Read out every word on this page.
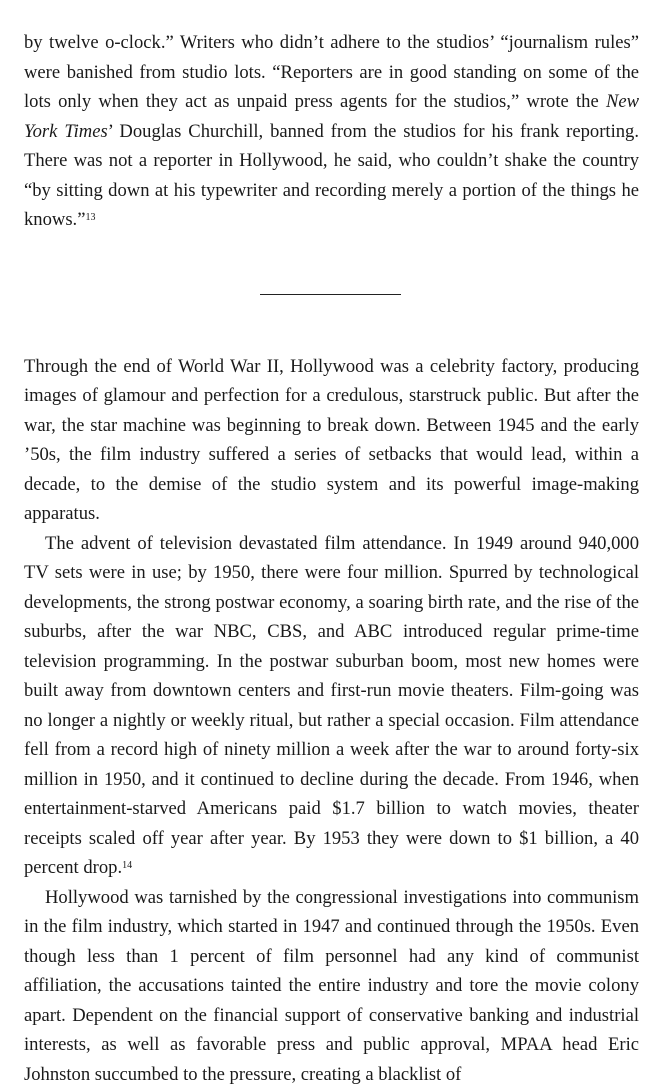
by twelve o-clock.” Writers who didn’t adhere to the studios’ “journalism rules” were banished from studio lots. “Reporters are in good standing on some of the lots only when they act as unpaid press agents for the studios,” wrote the New York Times’ Douglas Churchill, banned from the studios for his frank reporting. There was not a reporter in Hollywood, he said, who couldn’t shake the country “by sitting down at his typewriter and recording merely a portion of the things he knows.”$^{13}$

Through the end of World War II, Hollywood was a celebrity factory, producing images of glamour and perfection for a credulous, starstruck public. But after the war, the star machine was beginning to break down. Between 1945 and the early ’50s, the film industry suffered a series of setbacks that would lead, within a decade, to the demise of the studio system and its powerful image-making apparatus.

The advent of television devastated film attendance. In 1949 around 940,000 TV sets were in use; by 1950, there were four million. Spurred by technological developments, the strong postwar economy, a soaring birth rate, and the rise of the suburbs, after the war NBC, CBS, and ABC introduced regular prime-time television programming. In the postwar suburban boom, most new homes were built away from downtown centers and first-run movie theaters. Film-going was no longer a nightly or weekly ritual, but rather a special occasion. Film attendance fell from a record high of ninety million a week after the war to around forty-six million in 1950, and it continued to decline during the decade. From 1946, when entertainment-starved Americans paid $1.7 billion to watch movies, theater receipts scaled off year after year. By 1953 they were down to $1 billion, a 40 percent drop.$^{14}$

Hollywood was tarnished by the congressional investigations into communism in the film industry, which started in 1947 and continued through the 1950s. Even though less than 1 percent of film personnel had any kind of communist affiliation, the accusations tainted the entire industry and tore the movie colony apart. Dependent on the financial support of conservative banking and industrial interests, as well as favorable press and public approval, MPAA head Eric Johnston succumbed to the pressure, creating a blacklist of
